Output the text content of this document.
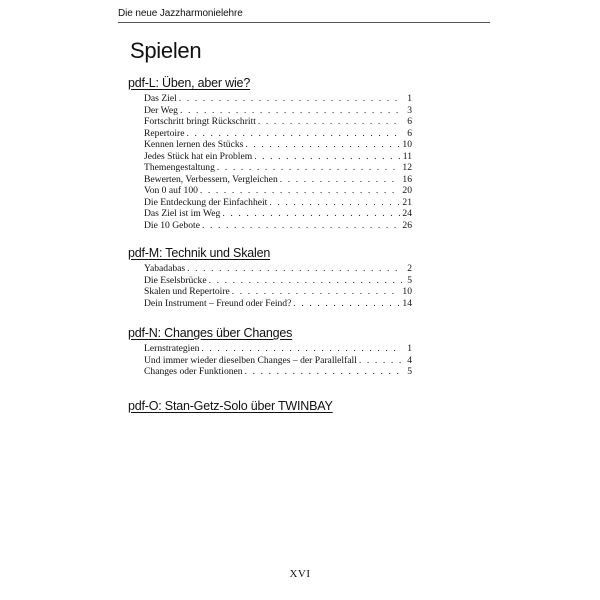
Die neue Jazzharmonielehre
Spielen
pdf-L: Üben, aber wie?
Das Ziel . . .	1
Der Weg . . .	3
Fortschritt bringt Rückschritt . . .	6
Repertoire . . .	6
Kennen lernen des Stücks . . .	10
Jedes Stück hat ein Problem . . .	11
Themengestaltung . . .	12
Bewerten, Verbessern, Vergleichen . . .	16
Von 0 auf 100 . . .	20
Die Entdeckung der Einfachheit . . .	21
Das Ziel ist im Weg . . .	24
Die 10 Gebote . . .	26
pdf-M: Technik und Skalen
Yabadabas . . .	2
Die Eselsbrücke . . .	5
Skalen und Repertoire . . .	10
Dein Instrument – Freund oder Feind? . . .	14
pdf-N: Changes über Changes
Lernstrategien . . .	1
Und immer wieder dieselben Changes – der Parallelfall . . .	4
Changes oder Funktionen . . .	5
pdf-O: Stan-Getz-Solo über TWINBAY
XVI
